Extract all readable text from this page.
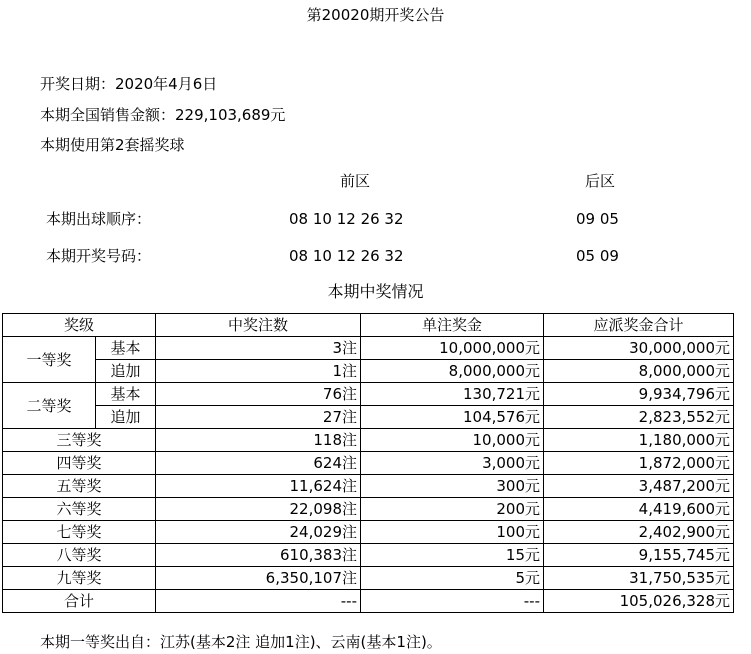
第20020期开奖公告
开奖日期：2020年4月6日
本期全国销售金额：229,103,689元
本期使用第2套摇奖球
前区	后区
本期出球顺序：	08 10 12 26 32	09 05
本期开奖号码：	08 10 12 26 32	05 09
本期中奖情况
奖级		中奖注数	单注奖金	应派奖金合计
一等奖	基本	3注	10,000,000元	30,000,000元
	追加	1注	8,000,000元	8,000,000元
二等奖	基本	76注	130,721元	9,934,796元
	追加	27注	104,576元	2,823,552元
三等奖		118注	10,000元	1,180,000元
四等奖		624注	3,000元	1,872,000元
五等奖		11,624注	300元	3,487,200元
六等奖		22,098注	200元	4,419,600元
七等奖		24,029注	100元	2,402,900元
八等奖		610,383注	15元	9,155,745元
九等奖		6,350,107注	5元	31,750,535元
合计		---	---	105,026,328元
本期一等奖出自：江苏(基本2注 追加1注)、云南(基本1注)。
